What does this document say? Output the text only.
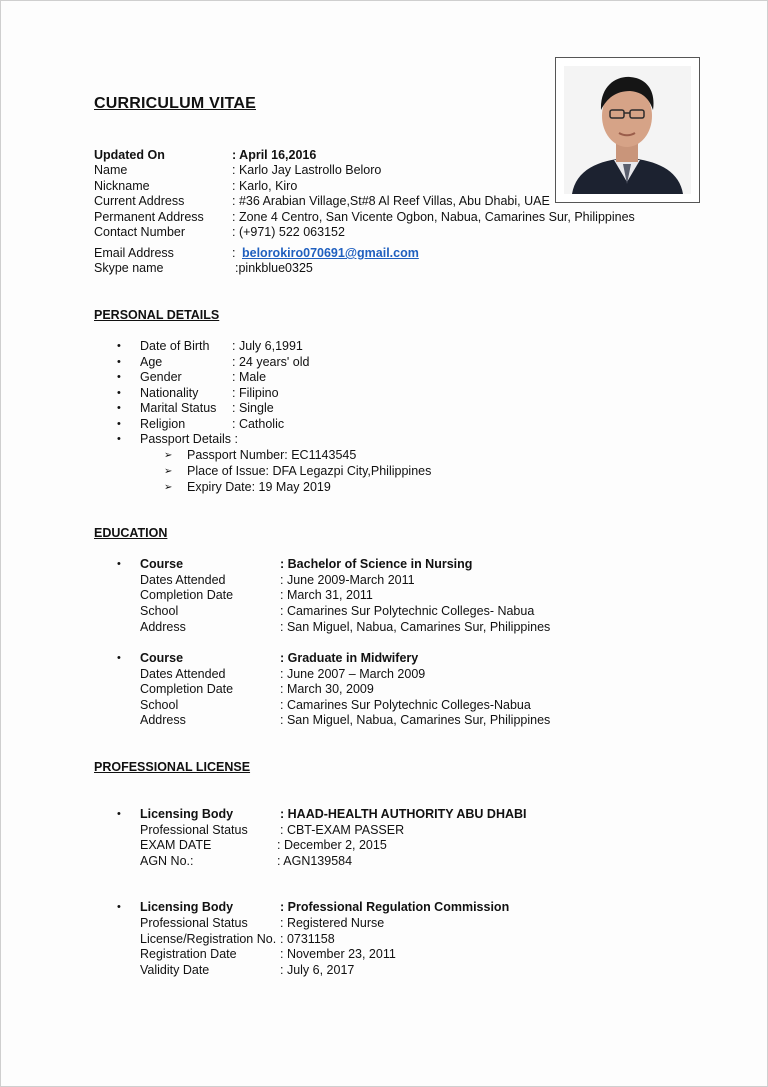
CURRICULUM VITAE
Updated On	: April 16,2016
Name	: Karlo Jay Lastrollo Beloro
Nickname	: Karlo, Kiro
Current Address	: #36 Arabian Village,St#8 Al Reef Villas, Abu Dhabi, UAE
Permanent Address : Zone 4 Centro, San Vicente Ogbon, Nabua, Camarines Sur, Philippines
Contact Number	: (+971) 522 063152
Email Address	: belorokiro070691@gmail.com
Skype name	:pinkblue0325
PERSONAL DETAILS
• Date of Birth : July 6,1991
• Age	: 24 years' old
• Gender	: Male
• Nationality	: Filipino
• Marital Status : Single
• Religion	: Catholic
• Passport Details :
➢ Passport Number: EC1143545
➢ Place of Issue: DFA Legazpi City,Philippines
➢ Expiry Date: 19 May 2019
EDUCATION
• Course	: Bachelor of Science in Nursing
Dates Attended	: June 2009-March 2011
Completion Date	: March 31, 2011
School	: Camarines Sur Polytechnic Colleges- Nabua
Address	: San Miguel, Nabua, Camarines Sur, Philippines
• Course	: Graduate in Midwifery
Dates Attended	: June 2007 – March 2009
Completion Date	: March 30, 2009
School	: Camarines Sur Polytechnic Colleges-Nabua
Address	: San Miguel, Nabua, Camarines Sur, Philippines
PROFESSIONAL LICENSE
• Licensing Body	: HAAD-HEALTH AUTHORITY ABU DHABI
Professional Status	: CBT-EXAM PASSER
EXAM DATE	: December 2, 2015
AGN No.:	: AGN139584
• Licensing Body	: Professional Regulation Commission
Professional Status	: Registered Nurse
License/Registration No. : 0731158
Registration Date	: November 23, 2011
Validity Date	: July 6, 2017
